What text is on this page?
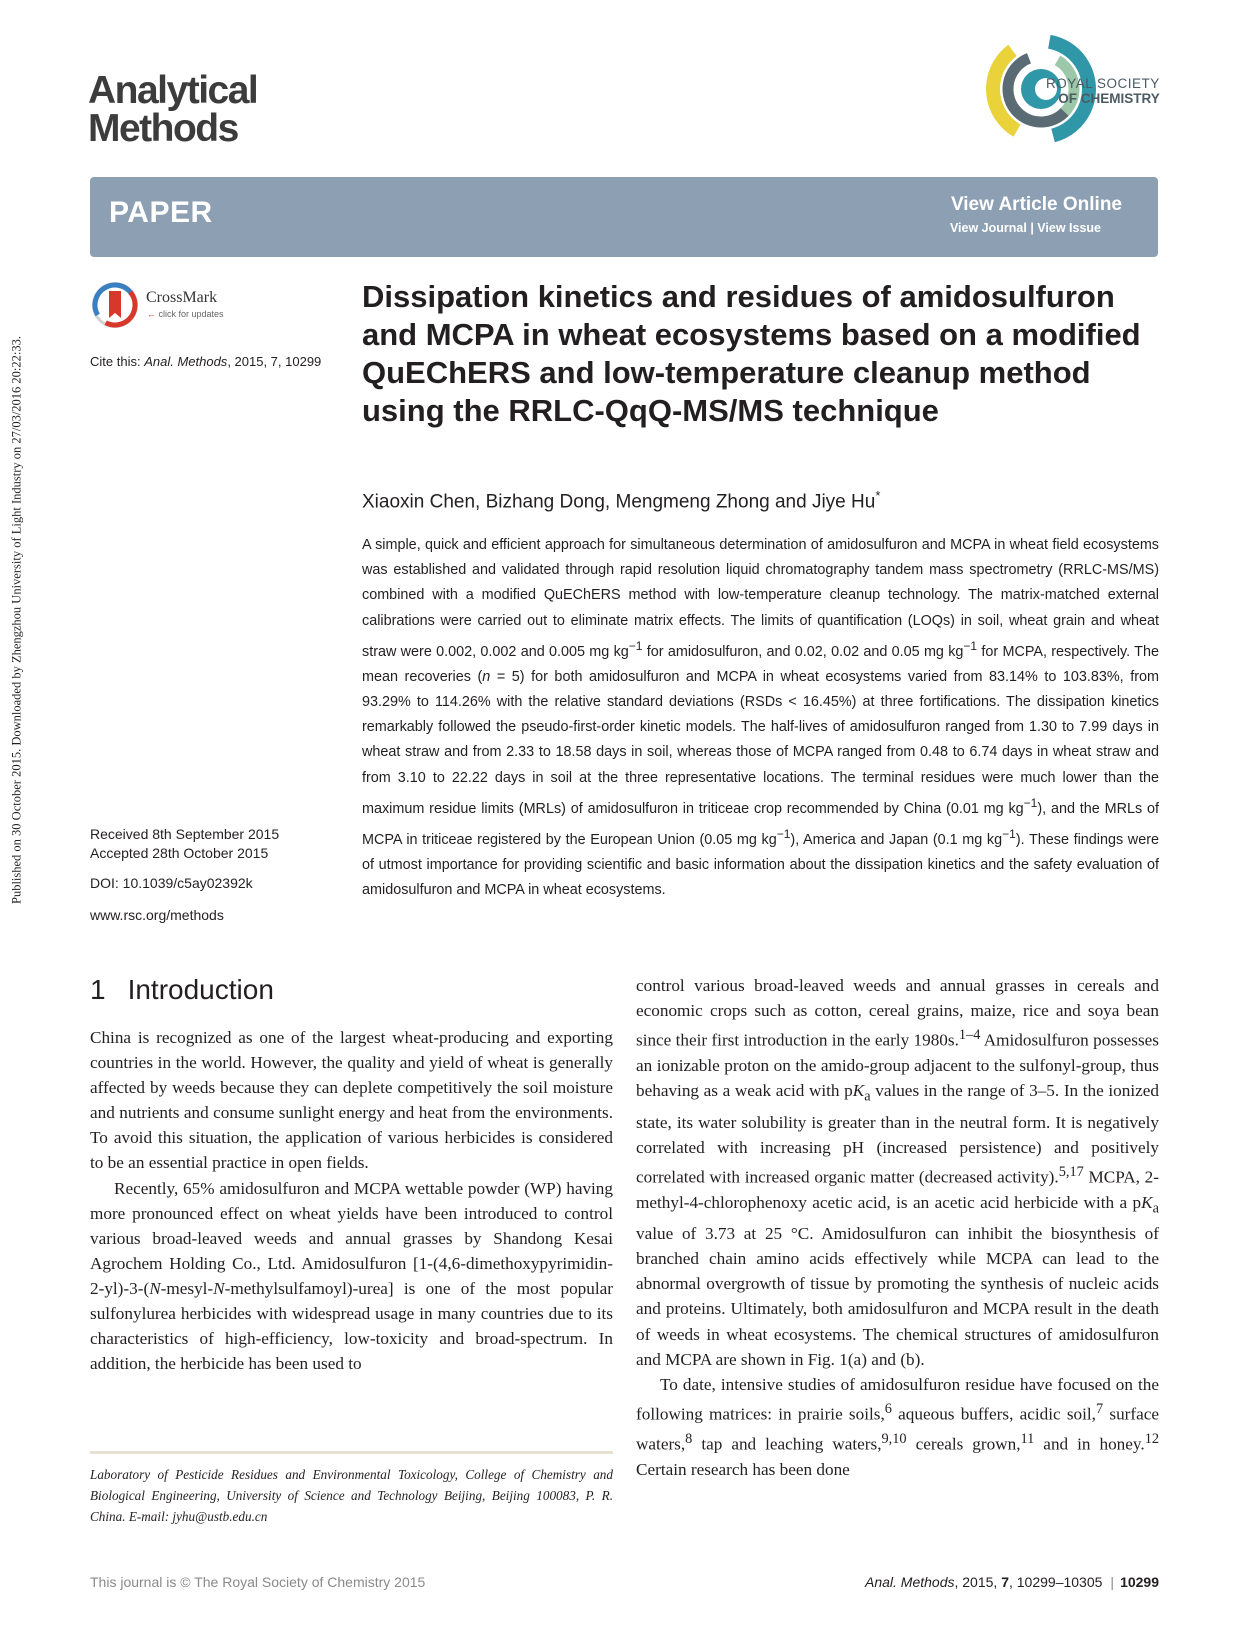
Published on 30 October 2015. Downloaded by Zhengzhou University of Light Industry on 27/03/2016 20:22:33.
Analytical
Methods
ROYAL SOCIETY
OF CHEMISTRY
PAPER	View Article Online
View Journal | View Issue
CrossMark
← click for updates
Cite this: Anal. Methods, 2015, 7, 10299
Dissipation kinetics and residues of amidosulfuron and MCPA in wheat ecosystems based on a modified QuEChERS and low-temperature cleanup method using the RRLC-QqQ-MS/MS technique
Xiaoxin Chen, Bizhang Dong, Mengmeng Zhong and Jiye Hu*

A simple, quick and efficient approach for simultaneous determination of amidosulfuron and MCPA in wheat field ecosystems was established and validated through rapid resolution liquid chromatography tandem mass spectrometry (RRLC-MS/MS) combined with a modified QuEChERS method with low-temperature cleanup technology. The matrix-matched external calibrations were carried out to eliminate matrix effects. The limits of quantification (LOQs) in soil, wheat grain and wheat straw were 0.002, 0.002 and 0.005 mg $kg^{-1}$ for amidosulfuron, and 0.02, 0.02 and 0.05 mg $kg^{-1}$ for MCPA, respectively. The mean recoveries (n = 5) for both amidosulfuron and MCPA in wheat ecosystems varied from 83.14% to 103.83%, from 93.29% to 114.26% with the relative standard deviations (RSDs < 16.45%) at three fortifications. The dissipation kinetics remarkably followed the pseudo-first-order kinetic models. The half-lives of amidosulfuron ranged from 1.30 to 7.99 days in wheat straw and from 2.33 to 18.58 days in soil, whereas those of MCPA ranged from 0.48 to 6.74 days in wheat straw and from 3.10 to 22.22 days in soil at the three representative locations. The terminal residues were much lower than the maximum residue limits (MRLs) of amidosulfuron in triticeae crop recommended by China (0.01 mg $kg^{-1}$), and the MRLs of MCPA in triticeae registered by the European Union (0.05 mg $kg^{-1}$), America and Japan (0.1 mg $kg^{-1}$). These findings were of utmost importance for providing scientific and basic information about the dissipation kinetics and the safety evaluation of amidosulfuron and MCPA in wheat ecosystems.

Received 8th September 2015
Accepted 28th October 2015
DOI: 10.1039/c5ay02392k
www.rsc.org/methods
1 Introduction

China is recognized as one of the largest wheat-producing and exporting countries in the world. However, the quality and yield of wheat is generally affected by weeds because they can deplete competitively the soil moisture and nutrients and consume sunlight energy and heat from the environments. To avoid this situation, the application of various herbicides is considered to be an essential practice in open fields.

Recently, 65% amidosulfuron and MCPA wettable powder (WP) having more pronounced effect on wheat yields have been introduced to control various broad-leaved weeds and annual grasses by Shandong Kesai Agrochem Holding Co., Ltd. Amidosulfuron [1-(4,6-dimethoxypyrimidin-2-yl)-3-(N-mesyl-N-methylsulfamoyl)-urea] is one of the most popular sulfonylurea herbicides with widespread usage in many countries due to its characteristics of high-efficiency, low-toxicity and broad-spectrum. In addition, the herbicide has been used to

control various broad-leaved weeds and annual grasses in cereals and economic crops such as cotton, cereal grains, maize, rice and soya bean since their first introduction in the early 1980s.$^{1-4}$ Amidosulfuron possesses an ionizable proton on the amido-group adjacent to the sulfonyl-group, thus behaving as a weak acid with $pK_a$ values in the range of 3–5. In the ionized state, its water solubility is greater than in the neutral form. It is negatively correlated with increasing pH (increased persistence) and positively correlated with increased organic matter (decreased activity).$^{5,17}$ MCPA, 2-methyl-4-chlorophenoxy acetic acid, is an acetic acid herbicide with a $pK_a$ value of 3.73 at 25 °C. Amidosulfuron can inhibit the biosynthesis of branched chain amino acids effectively while MCPA can lead to the abnormal overgrowth of tissue by promoting the synthesis of nucleic acids and proteins. Ultimately, both amidosulfuron and MCPA result in the death of weeds in wheat ecosystems. The chemical structures of amidosulfuron and MCPA are shown in Fig. 1(a) and (b).

To date, intensive studies of amidosulfuron residue have focused on the following matrices: in prairie soils,$^6$ aqueous buffers, acidic soil,$^7$ surface waters,$^8$ tap and leaching waters,$^{9,10}$ cereals grown,$^{11}$ and in honey.$^{12}$ Certain research has been done

Laboratory of Pesticide Residues and Environmental Toxicology, College of Chemistry and Biological Engineering, University of Science and Technology Beijing, Beijing 100083, P. R. China. E-mail: jyhu@ustb.edu.cn

This journal is © The Royal Society of Chemistry 2015	Anal. Methods, 2015, 7, 10299–10305 | 10299
